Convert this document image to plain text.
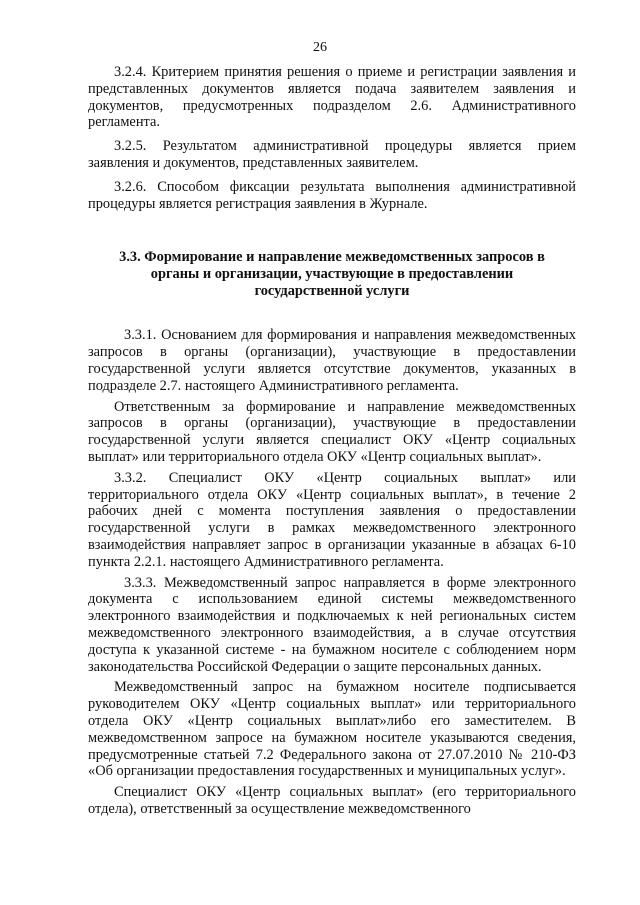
26

3.2.4. Критерием принятия решения о приеме и регистрации заявления и представленных документов является подача заявителем заявления и документов, предусмотренных подразделом 2.6. Административного регламента.

3.2.5. Результатом административной процедуры является прием заявления и документов, представленных заявителем.

3.2.6. Способом фиксации результата выполнения административной процедуры является регистрация заявления в Журнале.

3.3. Формирование и направление межведомственных запросов в органы и организации, участвующие в предоставлении государственной услуги

3.3.1. Основанием для формирования и направления межведомственных запросов в органы (организации), участвующие в предоставлении государственной услуги является отсутствие документов, указанных в подразделе 2.7. настоящего Административного регламента.

Ответственным за формирование и направление межведомственных запросов в органы (организации), участвующие в предоставлении государственной услуги является специалист ОКУ «Центр социальных выплат» или территориального отдела ОКУ «Центр социальных выплат».

3.3.2. Специалист ОКУ «Центр социальных выплат» или территориального отдела ОКУ «Центр социальных выплат», в течение 2 рабочих дней с момента поступления заявления о предоставлении государственной услуги в рамках межведомственного электронного взаимодействия направляет запрос в организации указанные в абзацах 6-10 пункта 2.2.1. настоящего Административного регламента.

3.3.3. Межведомственный запрос направляется в форме электронного документа с использованием единой системы межведомственного электронного взаимодействия и подключаемых к ней региональных систем межведомственного электронного взаимодействия, а в случае отсутствия доступа к указанной системе - на бумажном носителе с соблюдением норм законодательства Российской Федерации о защите персональных данных.

Межведомственный запрос на бумажном носителе подписывается руководителем ОКУ «Центр социальных выплат» или территориального отдела ОКУ «Центр социальных выплат»либо его заместителем. В межведомственном запросе на бумажном носителе указываются сведения, предусмотренные статьей 7.2 Федерального закона от 27.07.2010 № 210-ФЗ «Об организации предоставления государственных и муниципальных услуг».

Специалист ОКУ «Центр социальных выплат» (его территориального отдела), ответственный за осуществление межведомственного
